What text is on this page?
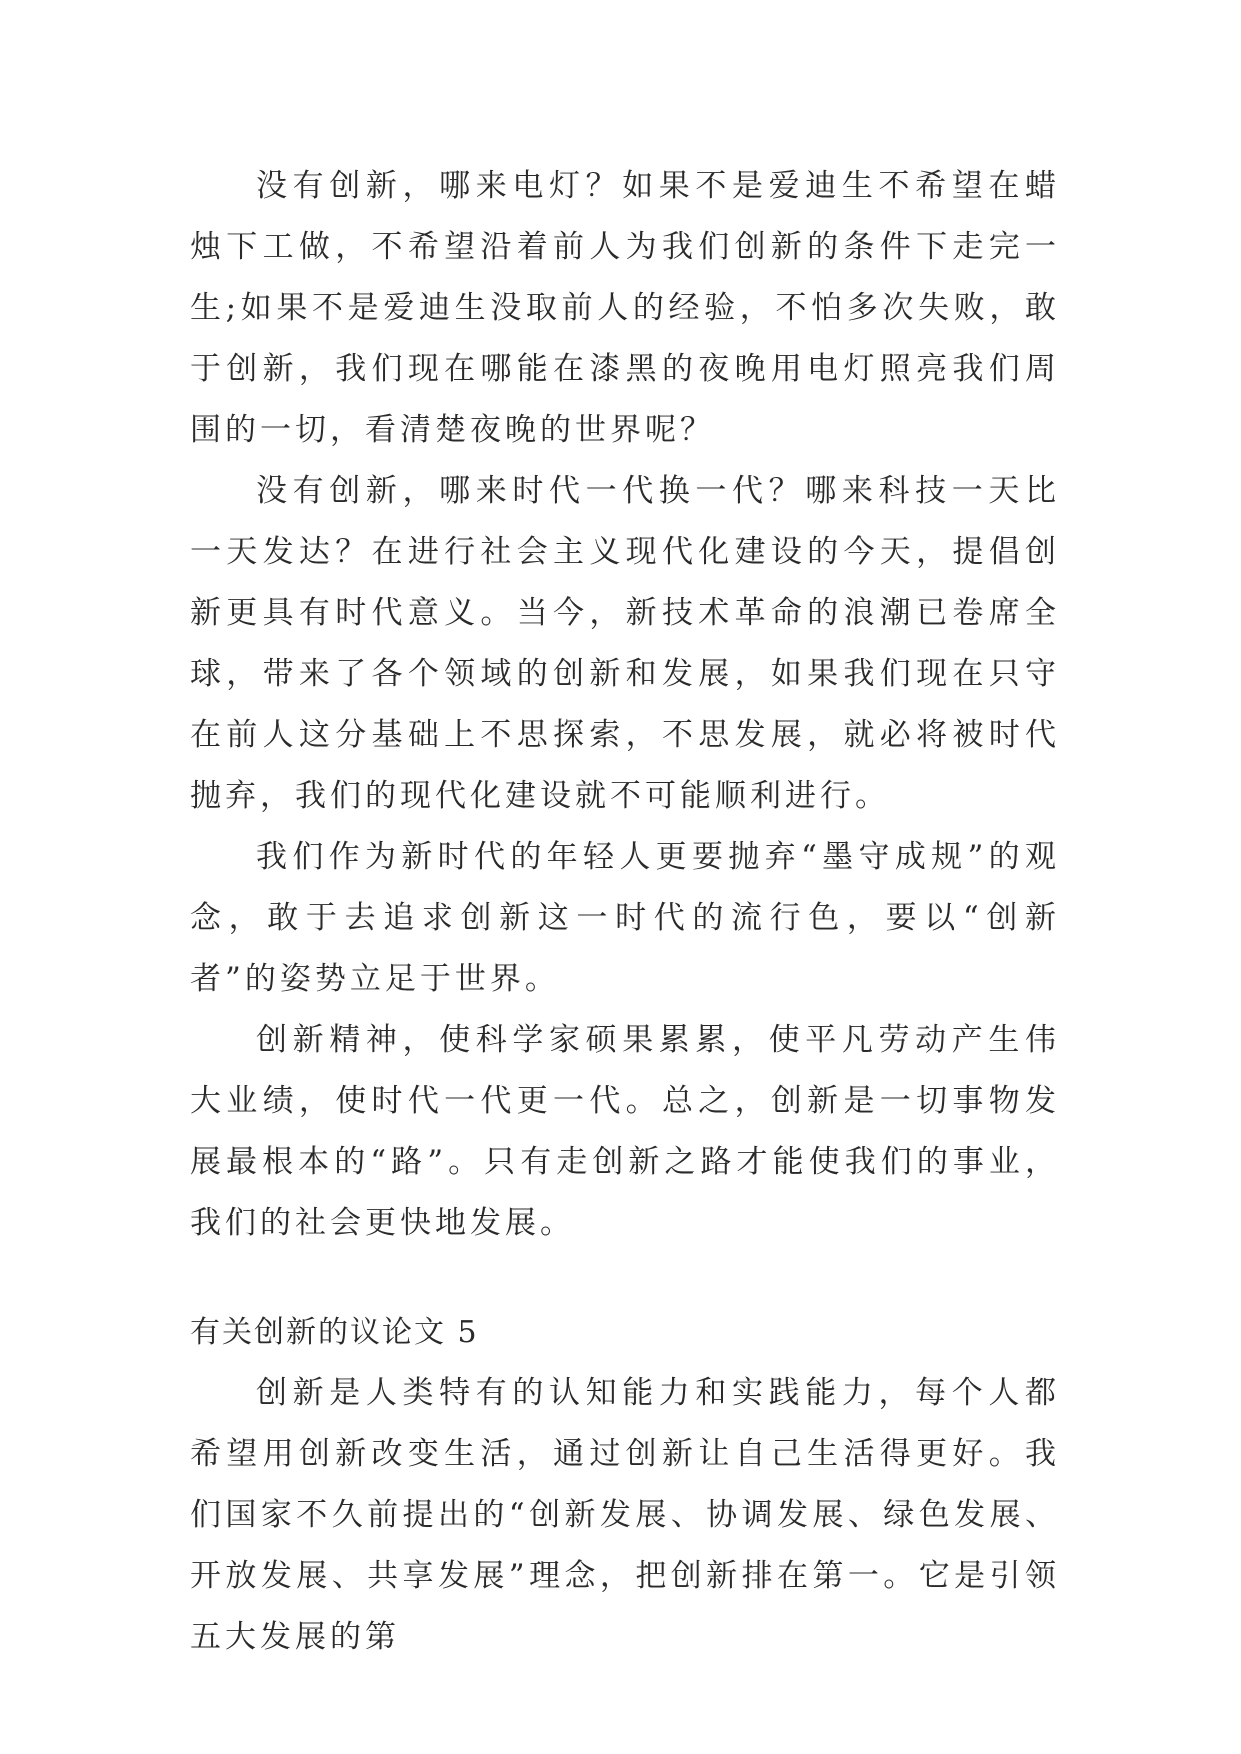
没有创新，哪来电灯？如果不是爱迪生不希望在蜡烛下工做，不希望沿着前人为我们创新的条件下走完一生;如果不是爱迪生没取前人的经验，不怕多次失败，敢于创新，我们现在哪能在漆黑的夜晚用电灯照亮我们周围的一切，看清楚夜晚的世界呢？

没有创新，哪来时代一代换一代？哪来科技一天比一天发达？在进行社会主义现代化建设的今天，提倡创新更具有时代意义。当今，新技术革命的浪潮已卷席全球，带来了各个领域的创新和发展，如果我们现在只守在前人这分基础上不思探索，不思发展，就必将被时代抛弃，我们的现代化建设就不可能顺利进行。

我们作为新时代的年轻人更要抛弃“墨守成规”的观念，敢于去追求创新这一时代的流行色，要以“创新者”的姿势立足于世界。

创新精神，使科学家硕果累累，使平凡劳动产生伟大业绩，使时代一代更一代。总之，创新是一切事物发展最根本的“路”。只有走创新之路才能使我们的事业，我们的社会更快地发展。

有关创新的议论文 5

创新是人类特有的认知能力和实践能力，每个人都希望用创新改变生活，通过创新让自己生活得更好。我们国家不久前提出的“创新发展、协调发展、绿色发展、开放发展、共享发展”理念，把创新排在第一。它是引领五大发展的第
